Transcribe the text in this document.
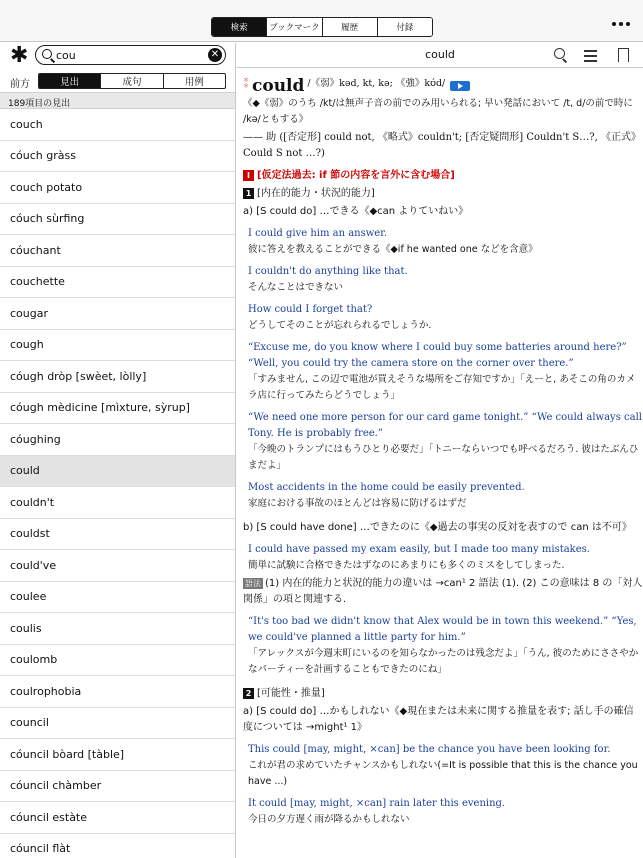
検索	ブックマーク	履歴	付録
✱
cou	✕
前方	見出	成句	用例
189項目の見出
couch
cóuch gràss
couch potato
cóuch sùrfing
cóuchant
couchette
cougar
cough
cóugh dròp [swèet, lòlly]
cóugh mèdicine [mìxture, sỳrup]
cóughing
could
couldn't
couldst
could've
coulee
coulis
coulomb
coulrophobia
council
cóuncil bòard [tàble]
cóuncil chàmber
cóuncil estàte
cóuncil flàt
could
＊＊ could /《弱》kəd, kt, kə; 《強》kʊ́d/
《◆《弱》のうち /kt/は無声子音の前でのみ用いられる; 早い発話において /t, d/の前で時に /kə/ともする》
—— 助 ([否定形] could not, 《略式》couldn't; [否定疑問形] Couldn't S…?, 《正式》Could S not …?)
I [仮定法過去: if 節の内容を言外に含む場合]
1 [内在的能力・状況的能力]
a) [S could do] …できる《◆can よりていねい》
I could give him an answer.
彼に答えを教えることができる《◆if he wanted one などを含意》
I couldn't do anything like that.
そんなことはできない
How could I forget that?
どうしてそのことが忘れられるでしょうか.
“Excuse me, do you know where I could buy some batteries around here?” “Well, you could try the camera store on the corner over there.”
「すみません, この辺で電池が買えそうな場所をご存知ですか」「えーと, あそこの角のカメラ店に行ってみたらどうでしょう」
“We need one more person for our card game tonight.” “We could always call Tony. He is probably free.”
「今晩のトランプにはもうひとり必要だ」「トニーならいつでも呼べるだろう. 彼はたぶんひまだよ」
Most accidents in the home could be easily prevented.
家庭における事故のほとんどは容易に防げるはずだ
b) [S could have done] …できたのに《◆過去の事実の反対を表すので can は不可》
I could have passed my exam easily, but I made too many mistakes.
簡単に試験に合格できたはずなのにあまりにも多くのミスをしてしまった.
語法 (1) 内在的能力と状況的能力の違いは →can¹ 2 語法 (1). (2) この意味は 8 の「対人関係」の項と関連する.
“It's too bad we didn't know that Alex would be in town this weekend.” “Yes, we could've planned a little party for him.”
「アレックスが今週末町にいるのを知らなかったのは残念だよ」「うん, 彼のためにささやかなパーティーを計画することもできたのにね」
2 [可能性・推量]
a) [S could do] …かもしれない《◆現在または未来に関する推量を表す; 話し手の確信度については →might¹ 1》
This could [may, might, ×can] be the chance you have been looking for.
これが君の求めていたチャンスかもしれない(=It is possible that this is the chance you have ...)
It could [may, might, ×can] rain later this evening.
今日の夕方遅く雨が降るかもしれない
